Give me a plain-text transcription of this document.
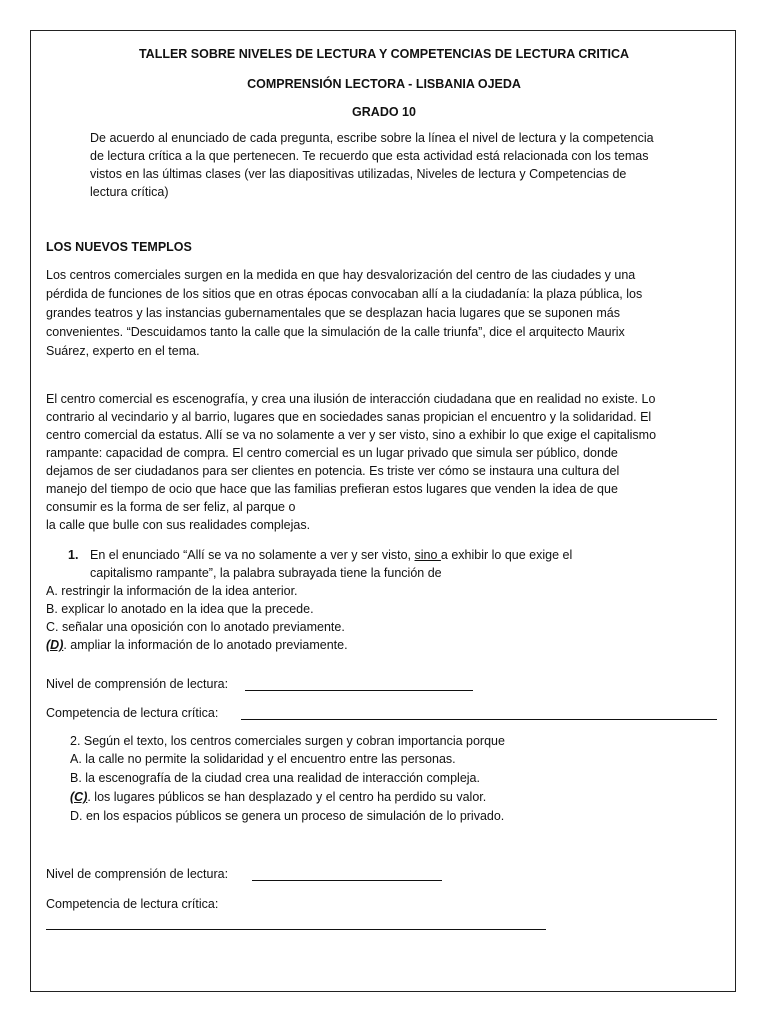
TALLER SOBRE NIVELES DE LECTURA Y COMPETENCIAS DE LECTURA CRITICA
COMPRENSIÓN LECTORA - LISBANIA OJEDA
GRADO 10
De acuerdo al enunciado de cada pregunta, escribe sobre la línea el nivel de lectura y la competencia
de lectura crítica a la que pertenecen. Te recuerdo que esta actividad está relacionada con los temas
vistos en las últimas clases (ver las diapositivas utilizadas, Niveles de lectura y Competencias de
lectura crítica)
LOS NUEVOS TEMPLOS
Los centros comerciales surgen en la medida en que hay desvalorización del centro de las ciudades y una
pérdida de funciones de los sitios que en otras épocas convocaban allí a la ciudadanía: la plaza pública, los
grandes teatros y las instancias gubernamentales que se desplazan hacia lugares que se suponen más
convenientes. “Descuidamos tanto la calle que la simulación de la calle triunfa”, dice el arquitecto Maurix
Suárez, experto en el tema.
El centro comercial es escenografía, y crea una ilusión de interacción ciudadana que en realidad no existe. Lo
contrario al vecindario y al barrio, lugares que en sociedades sanas propician el encuentro y la solidaridad. El
centro comercial da estatus. Allí se va no solamente a ver y ser visto, sino a exhibir lo que exige el capitalismo
rampante: capacidad de compra. El centro comercial es un lugar privado que simula ser público, donde
dejamos de ser ciudadanos para ser clientes en potencia. Es triste ver cómo se instaura una cultura del
manejo del tiempo de ocio que hace que las familias prefieran estos lugares que venden la idea de que
consumir es la forma de ser feliz, al parque o
la calle que bulle con sus realidades complejas.
1. En el enunciado “Allí se va no solamente a ver y ser visto, sino a exhibir lo que exige el
capitalismo rampante”, la palabra subrayada tiene la función de
A. restringir la información de la idea anterior.
B. explicar lo anotado en la idea que la precede.
C. señalar una oposición con lo anotado previamente.
(D). ampliar la información de lo anotado previamente.
Nivel de comprensión de lectura:
Competencia de lectura crítica:
2. Según el texto, los centros comerciales surgen y cobran importancia porque
A. la calle no permite la solidaridad y el encuentro entre las personas.
B. la escenografía de la ciudad crea una realidad de interacción compleja.
(C). los lugares públicos se han desplazado y el centro ha perdido su valor.
D. en los espacios públicos se genera un proceso de simulación de lo privado.
Nivel de comprensión de lectura:
Competencia de lectura crítica:
